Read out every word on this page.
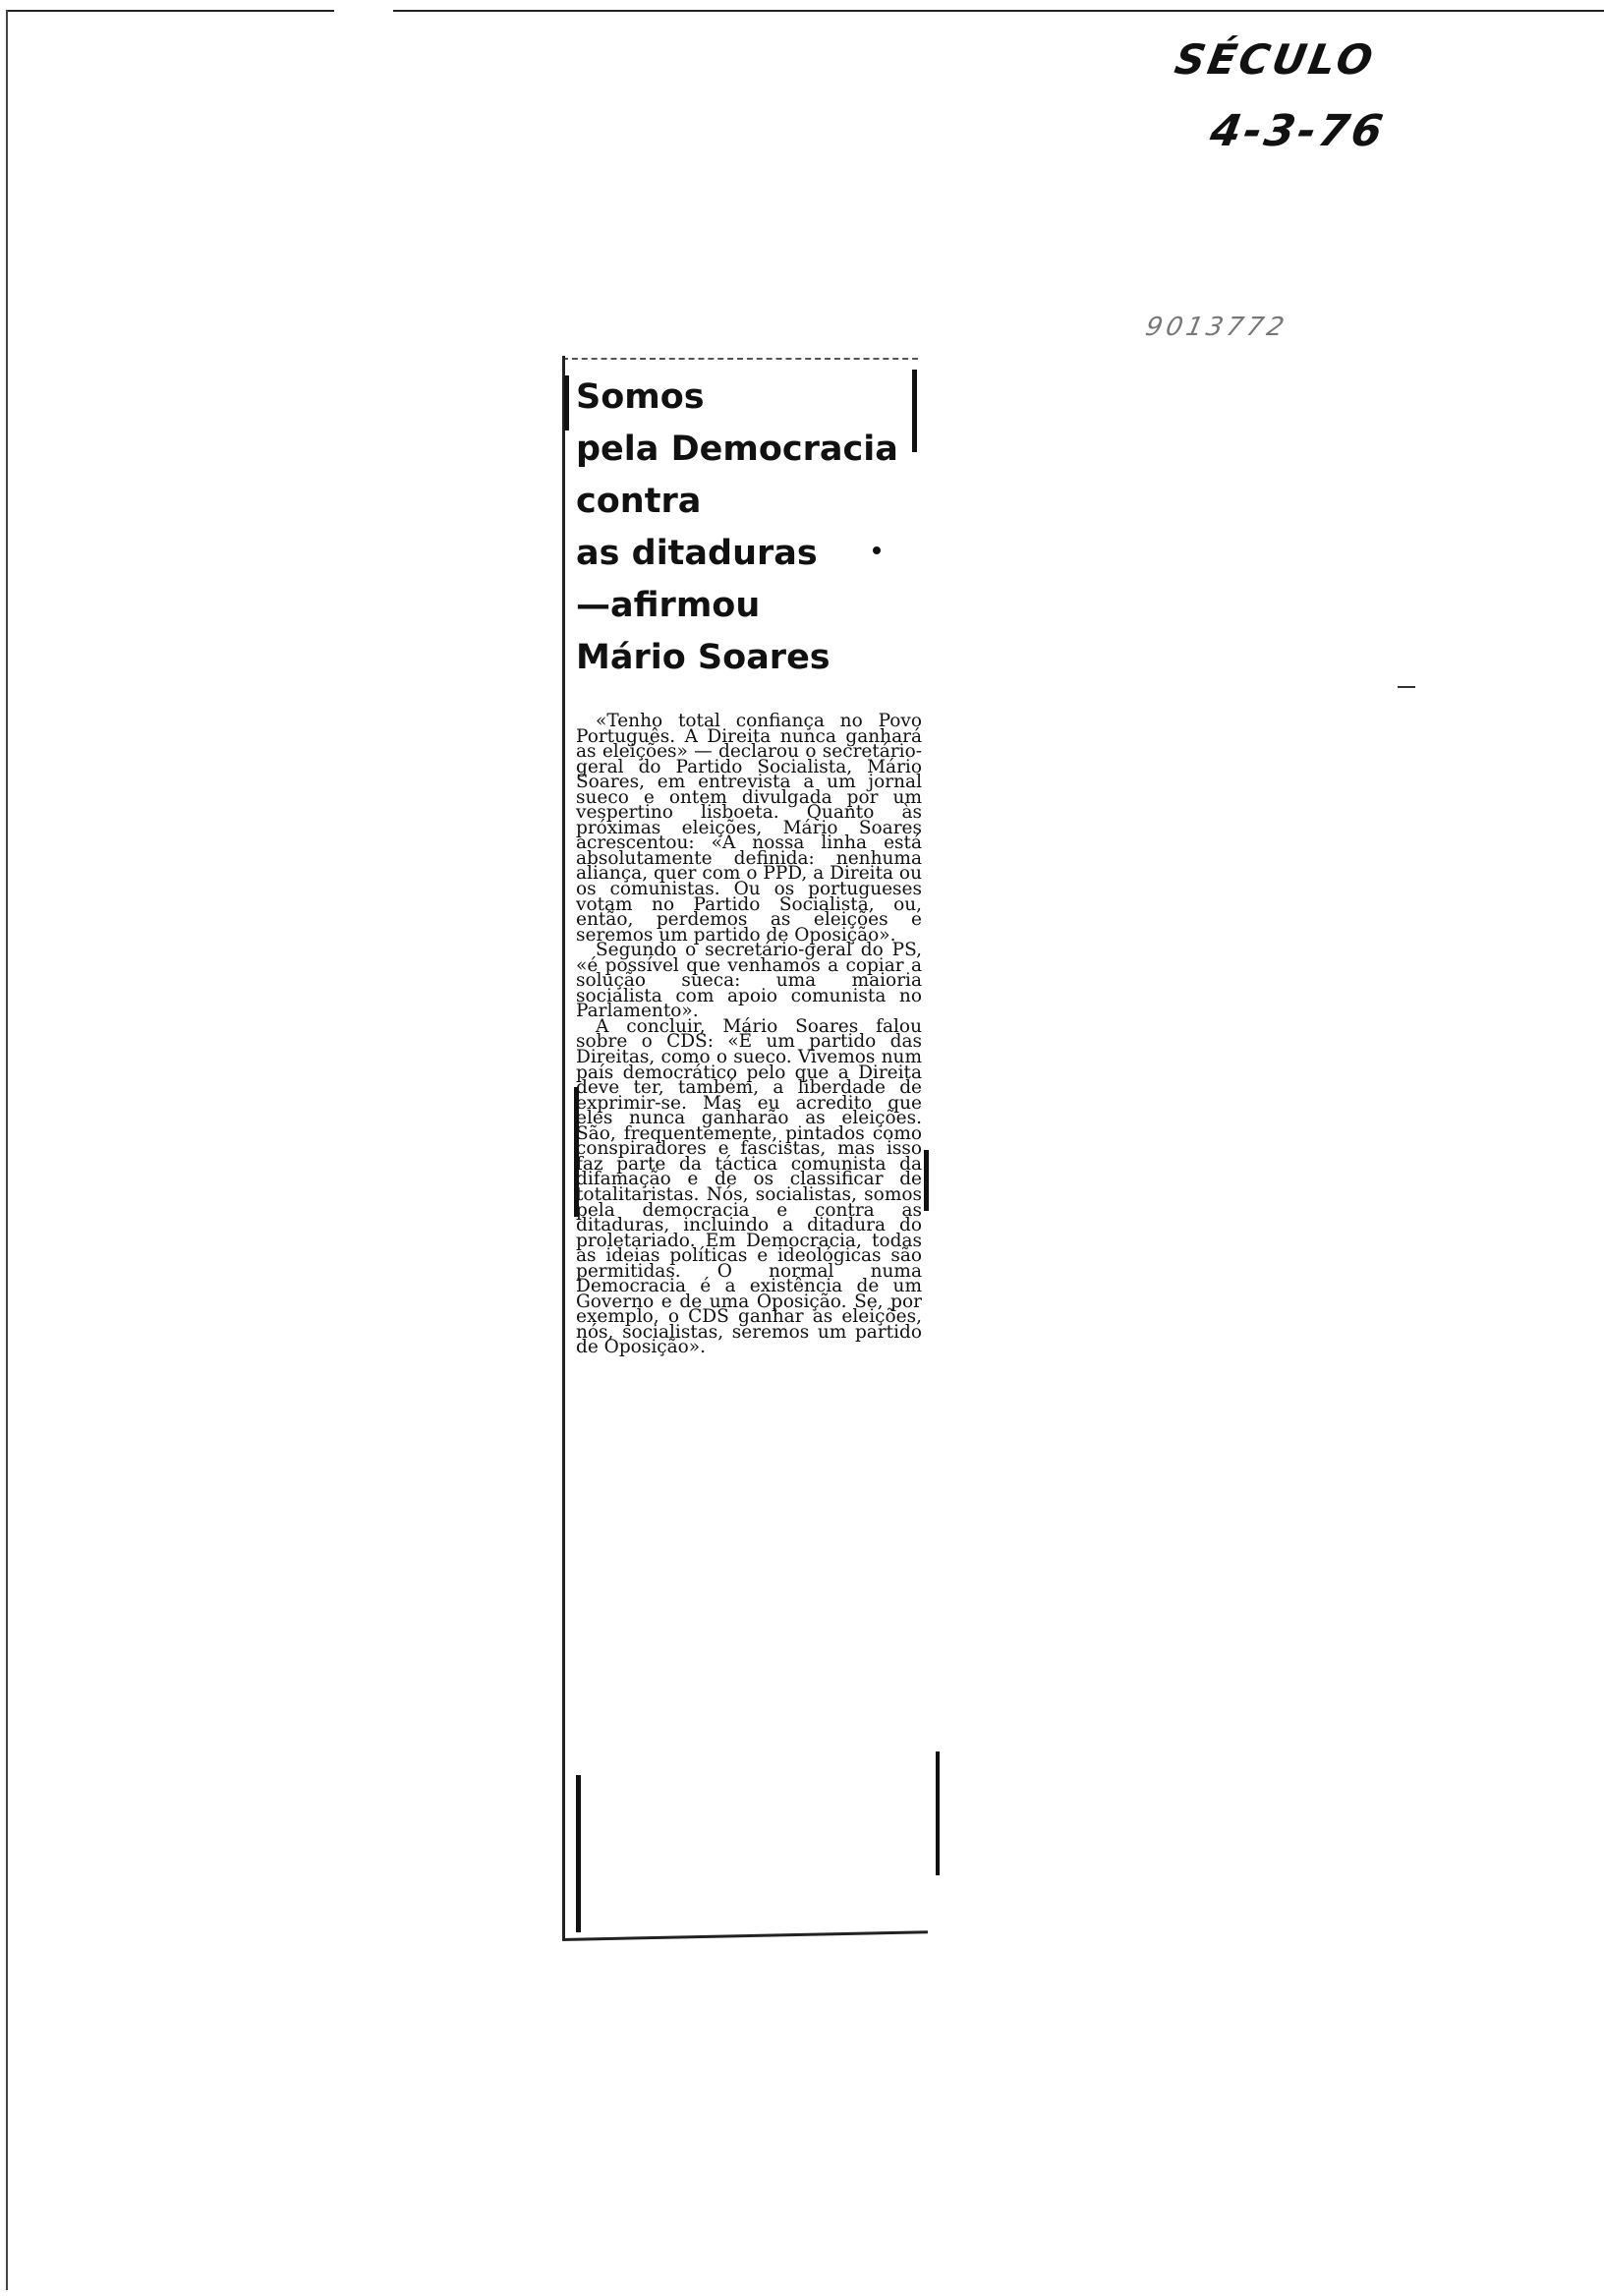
SÉCULO
4-3-76
9013772
Somos
pela Democracia
contra
as ditaduras
—afirmou
Mário Soares

«Tenho total confiança no Povo Português. A Direita nunca ganhará as eleições» — declarou o secretário-geral do Partido Socialista, Mário Soares, em entrevista a um jornal sueco e ontem divulgada por um vespertino lisboeta. Quanto às próximas eleições, Mário Soares acrescentou: «A nossa linha está absolutamente definida: nenhuma aliança, quer com o PPD, a Direita ou os comunistas. Ou os portugueses votam no Partido Socialista, ou, então, perdemos as eleições e seremos um partido de Oposição».

Segundo o secretário-geral do PS, «é possível que venhamos a copiar a solução sueca: uma maioria socialista com apoio comunista no Parlamento».

A concluir, Mário Soares falou sobre o CDS: «É um partido das Direitas, como o sueco. Vivemos num país democrático pelo que a Direita deve ter, também, a liberdade de exprimir-se. Mas eu acredito que eles nunca ganharão as eleições. São, frequentemente, pintados como conspiradores e fascistas, mas isso faz parte da táctica comunista da difamação e de os classificar de totalitaristas. Nós, socialistas, somos pela democracia e contra as ditaduras, incluindo a ditadura do proletariado. Em Democracia, todas as ideias políticas e ideológicas são permitidas. O normal numa Democracia é a existência de um Governo e de uma Oposição. Se, por exemplo, o CDS ganhar as eleições, nós, socialistas, seremos um partido de Oposição».
